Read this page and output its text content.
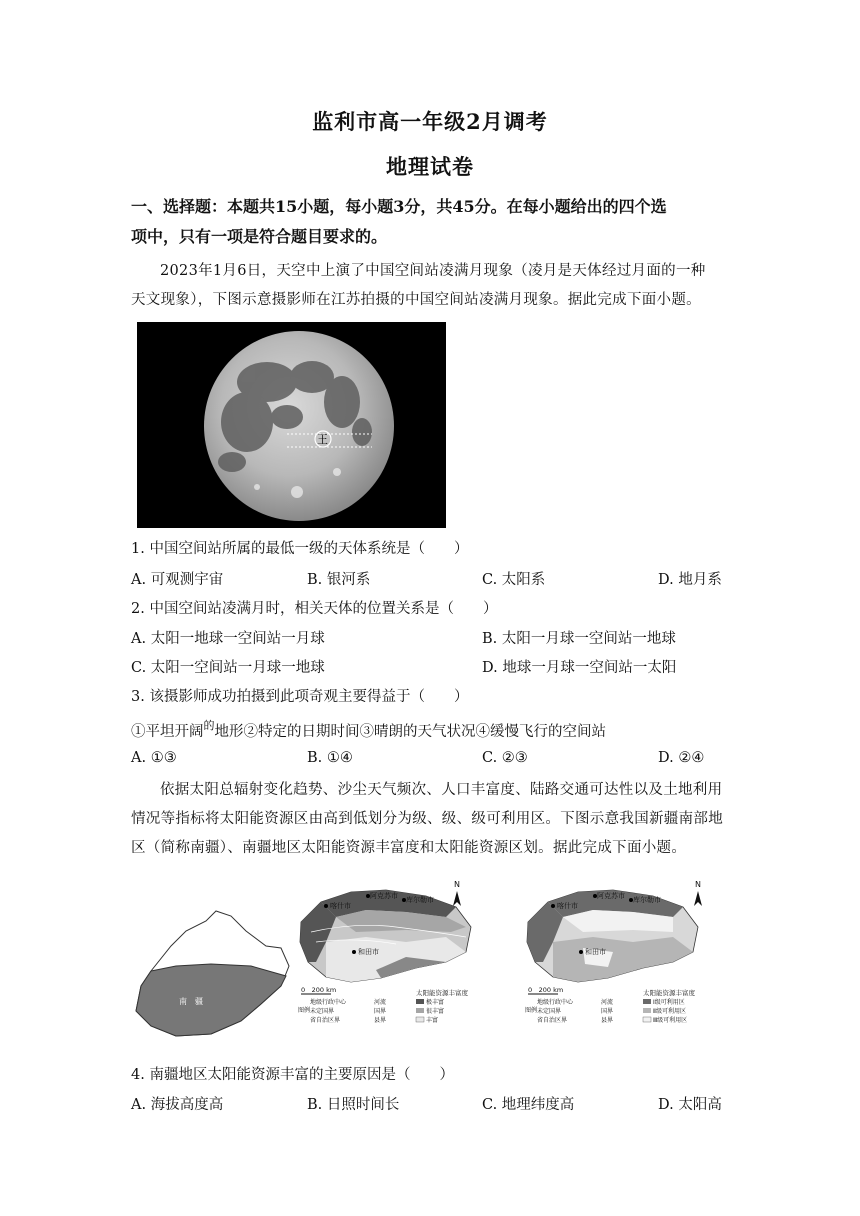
监利市高一年级2月调考
地理试卷
一、选择题：本题共15小题，每小题3分，共45分。在每小题给出的四个选
项中，只有一项是符合题目要求的。
2023年1月6日，天空中上演了中国空间站凌满月现象（凌月是天体经过月面的一种
天文现象），下图示意摄影师在江苏拍摄的中国空间站凌满月现象。据此完成下面小题。
王
1. 中国空间站所属的最低一级的天体系统是（　　）
A. 可观测宇宙	B. 银河系	C. 太阳系	D. 地月系
2. 中国空间站凌满月时，相关天体的位置关系是（　　）
A. 太阳一地球一空间站一月球	B. 太阳一月球一空间站一地球
C. 太阳一空间站一月球一地球	D. 地球一月球一空间站一太阳
3. 该摄影师成功拍摄到此项奇观主要得益于（　　）
①平坦开阔$^的$地形②特定的日期时间③晴朗的天气状况④缓慢飞行的空间站
A. ①③	B. ①④	C. ②③	D. ②④
依据太阳总辐射变化趋势、沙尘天气频次、人口丰富度、陆路交通可达性以及土地利用
情况等指标将太阳能资源区由高到低划分为级、级、级可利用区。下图示意我国新疆南部地
区（简称南疆）、南疆地区太阳能资源丰富度和太阳能资源区划。据此完成下面小题。
南　疆
喀什市
和田市
阿克苏市 库尔勒市
N
0　200 km
图例
太阳能资源丰富度
地级行政中心	河流	极丰富
未定国界	国界	很丰富
省自治区界	县界	丰富
喀什市
和田市
阿克苏市 库尔勒市
N
0　200 km
图例
太阳能资源丰富度
地级行政中心	河流	Ⅰ级可利用区
未定国界	国界	Ⅱ级可利用区
省自治区界	县界	Ⅲ级可利用区
4. 南疆地区太阳能资源丰富的主要原因是（　　）
A. 海拔高度高	B. 日照时间长	C. 地理纬度高	D. 太阳高
